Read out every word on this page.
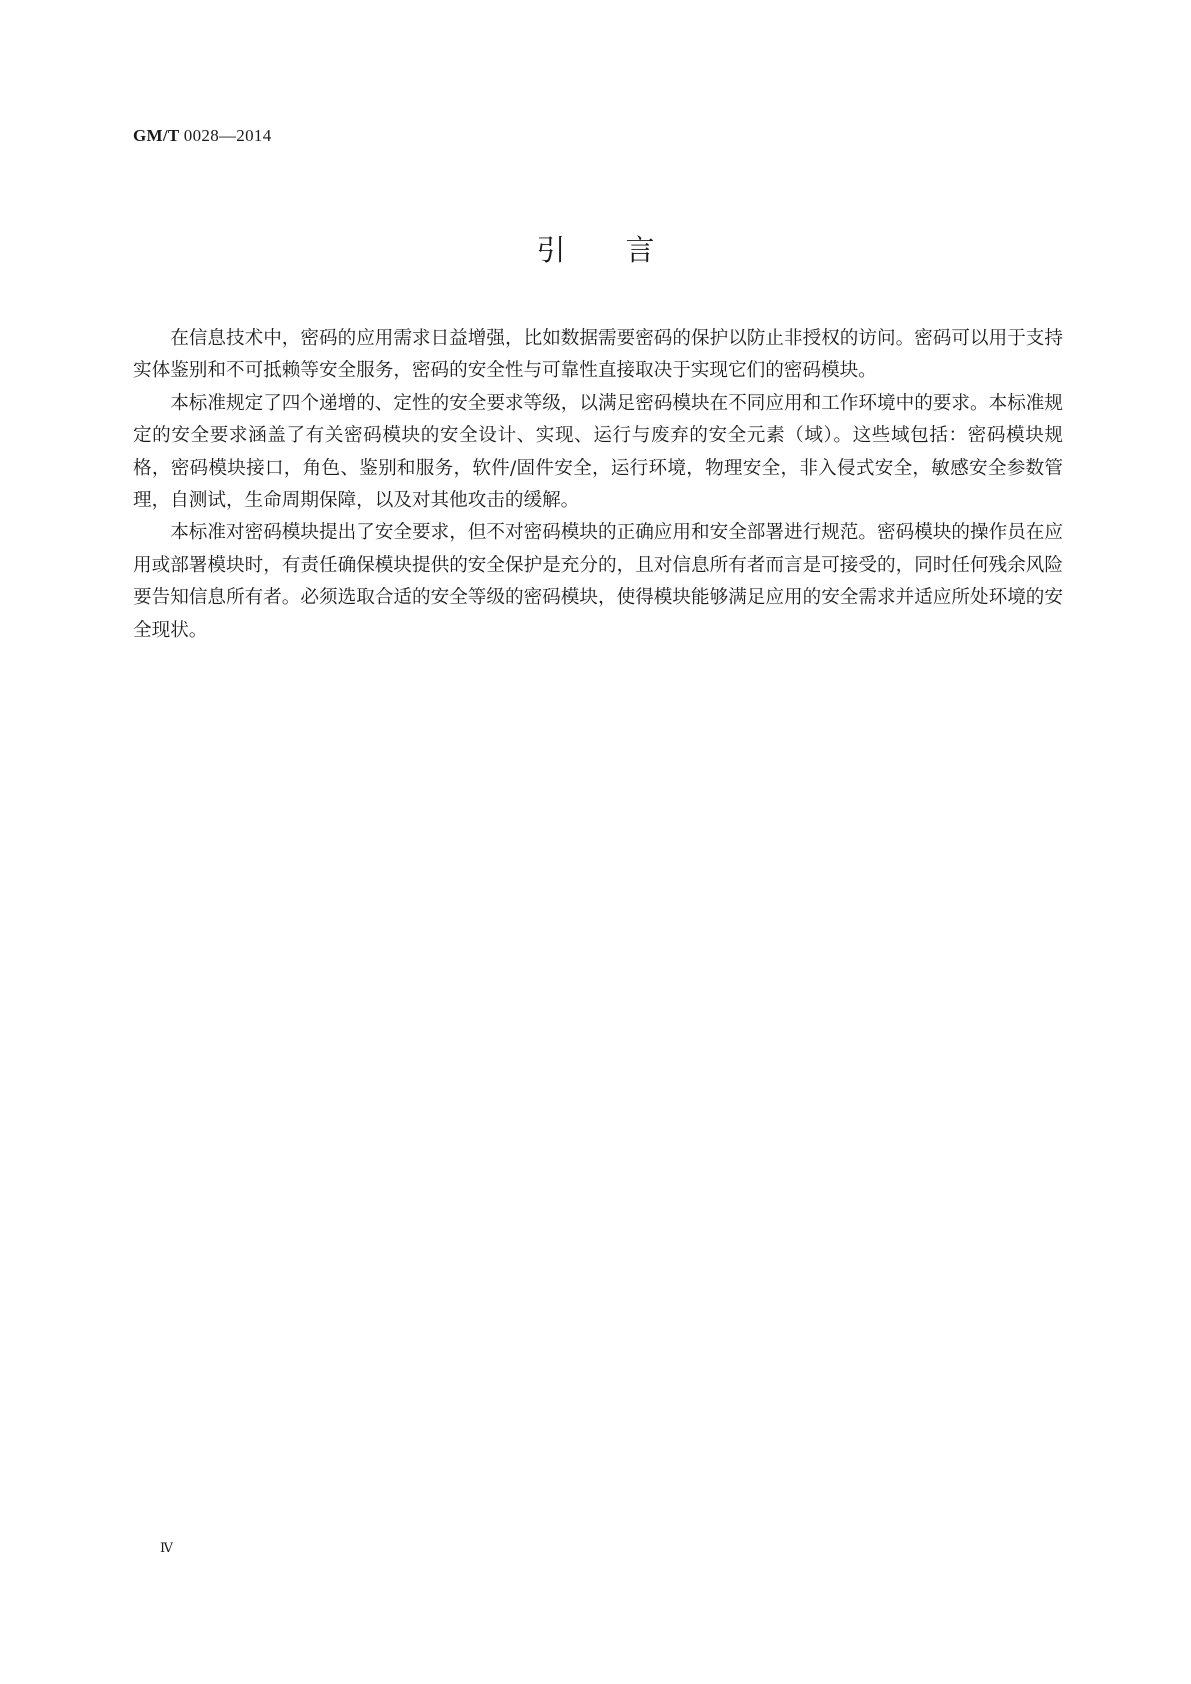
GM/T 0028—2014
引言

在信息技术中，密码的应用需求日益增强，比如数据需要密码的保护以防止非授权的访问。密码可以用于支持实体鉴别和不可抵赖等安全服务，密码的安全性与可靠性直接取决于实现它们的密码模块。

本标准规定了四个递增的、定性的安全要求等级，以满足密码模块在不同应用和工作环境中的要求。本标准规定的安全要求涵盖了有关密码模块的安全设计、实现、运行与废弃的安全元素（域）。这些域包括：密码模块规格，密码模块接口，角色、鉴别和服务，软件/固件安全，运行环境，物理安全，非入侵式安全，敏感安全参数管理，自测试，生命周期保障，以及对其他攻击的缓解。

本标准对密码模块提出了安全要求，但不对密码模块的正确应用和安全部署进行规范。密码模块的操作员在应用或部署模块时，有责任确保模块提供的安全保护是充分的，且对信息所有者而言是可接受的，同时任何残余风险要告知信息所有者。必须选取合适的安全等级的密码模块，使得模块能够满足应用的安全需求并适应所处环境的安全现状。

Ⅳ
